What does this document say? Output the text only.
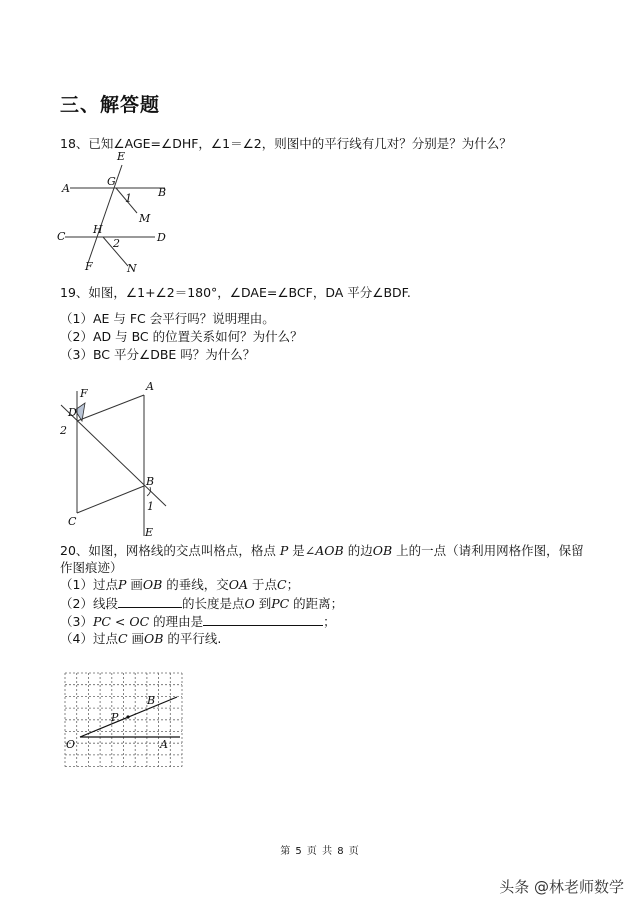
三、解答题
18、已知∠AGE=∠DHF，∠1＝∠2，则图中的平行线有几对？分别是？为什么？
E
A
G
1 B
M
C
H
2	D
F	N
19、如图，∠1+∠2＝180°，∠DAE=∠BCF，DA 平分∠BDF.
（1）AE 与 FC 会平行吗？说明理由。
（2）AD 与 BC 的位置关系如何？为什么？
（3）BC 平分∠DBE 吗？为什么？
F
A
D
2
B
1
C
E
20、如图，网格线的交点叫格点，格点 P 是∠AOB 的边OB 上的一点（请利用网格作图，保留
作图痕迹）
（1）过点P 画OB 的垂线，交OA 于点C；
（2）线段	的长度是点O 到PC 的距离；
（3）PC < OC 的理由是	；
（4）过点C 画OB 的平行线.
B
P
O	A
第 5 页 共 8 页
头条 @林老师数学
